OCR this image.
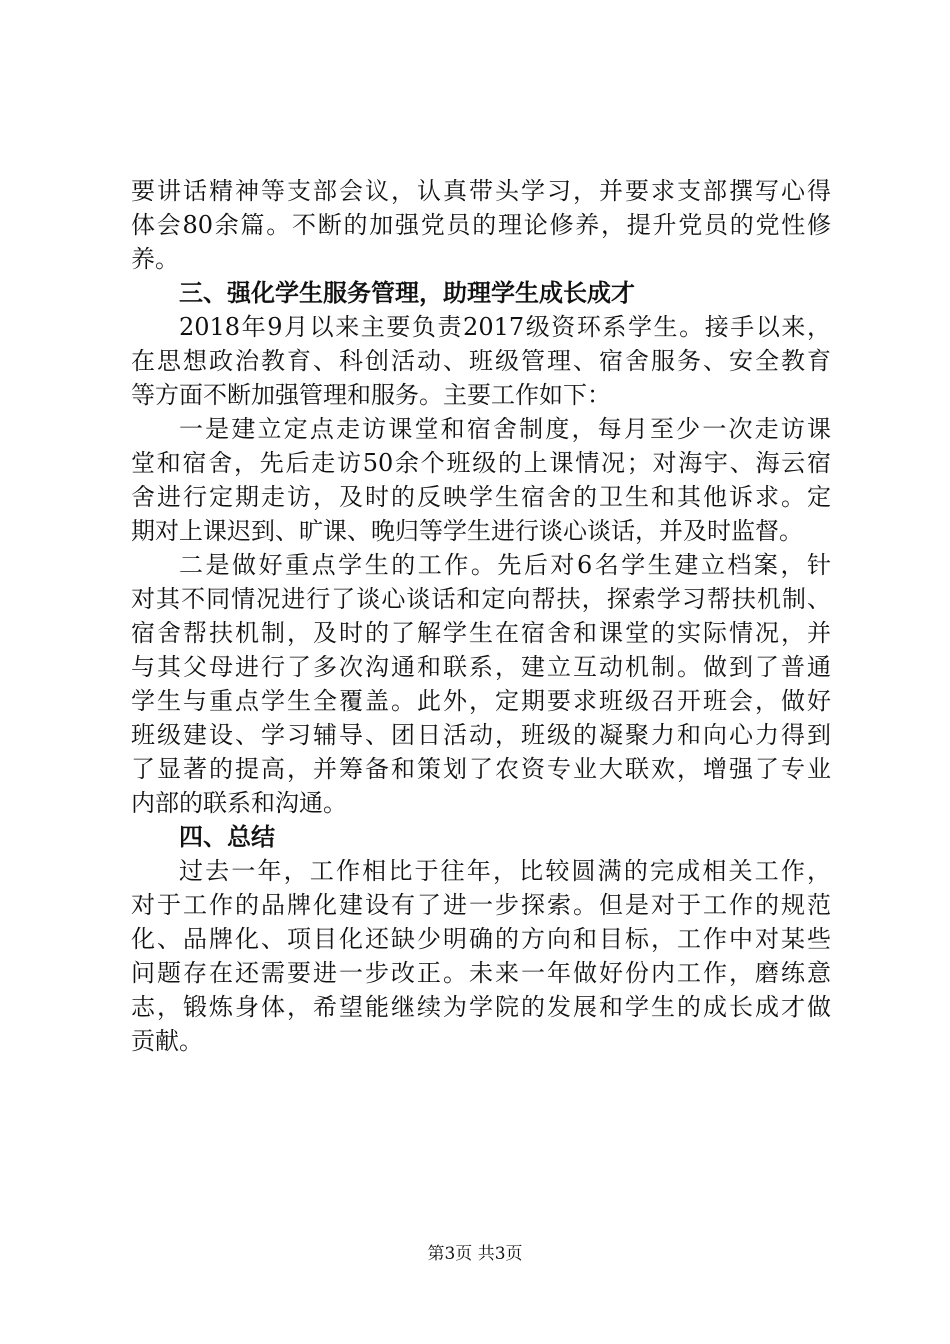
要讲话精神等支部会议，认真带头学习，并要求支部撰写心得
体会80余篇。不断的加强党员的理论修养，提升党员的党性修
养。
三、强化学生服务管理，助理学生成长成才
2018年9月以来主要负责2017级资环系学生。接手以来，
在思想政治教育、科创活动、班级管理、宿舍服务、安全教育
等方面不断加强管理和服务。主要工作如下：
一是建立定点走访课堂和宿舍制度，每月至少一次走访课
堂和宿舍，先后走访50余个班级的上课情况；对海宇、海云宿
舍进行定期走访，及时的反映学生宿舍的卫生和其他诉求。定
期对上课迟到、旷课、晚归等学生进行谈心谈话，并及时监督。
二是做好重点学生的工作。先后对6名学生建立档案，针
对其不同情况进行了谈心谈话和定向帮扶，探索学习帮扶机制、
宿舍帮扶机制，及时的了解学生在宿舍和课堂的实际情况，并
与其父母进行了多次沟通和联系，建立互动机制。做到了普通
学生与重点学生全覆盖。此外，定期要求班级召开班会，做好
班级建设、学习辅导、团日活动，班级的凝聚力和向心力得到
了显著的提高，并筹备和策划了农资专业大联欢，增强了专业
内部的联系和沟通。
四、总结
过去一年，工作相比于往年，比较圆满的完成相关工作，
对于工作的品牌化建设有了进一步探索。但是对于工作的规范
化、品牌化、项目化还缺少明确的方向和目标，工作中对某些
问题存在还需要进一步改正。未来一年做好份内工作，磨练意
志，锻炼身体，希望能继续为学院的发展和学生的成长成才做
贡献。
第3页 共3页
